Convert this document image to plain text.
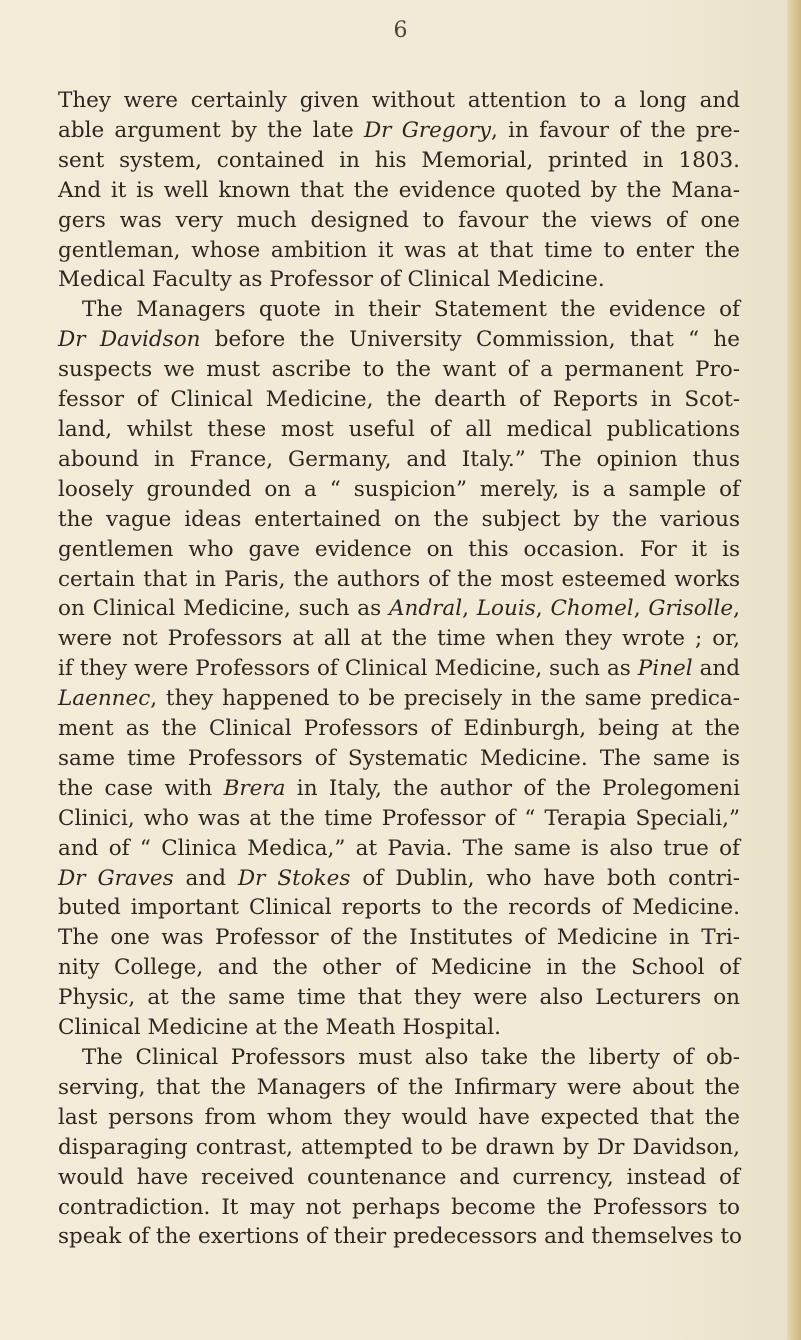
6
They were certainly given without attention to a long and
able argument by the late Dr Gregory, in favour of the pre-
sent system, contained in his Memorial, printed in 1803.
And it is well known that the evidence quoted by the Mana-
gers was very much designed to favour the views of one
gentleman, whose ambition it was at that time to enter the
Medical Faculty as Professor of Clinical Medicine.
The Managers quote in their Statement the evidence of
Dr Davidson before the University Commission, that “ he
suspects we must ascribe to the want of a permanent Pro-
fessor of Clinical Medicine, the dearth of Reports in Scot-
land, whilst these most useful of all medical publications
abound in France, Germany, and Italy.” The opinion thus
loosely grounded on a “ suspicion” merely, is a sample of
the vague ideas entertained on the subject by the various
gentlemen who gave evidence on this occasion. For it is
certain that in Paris, the authors of the most esteemed works
on Clinical Medicine, such as Andral, Louis, Chomel, Grisolle,
were not Professors at all at the time when they wrote ; or,
if they were Professors of Clinical Medicine, such as Pinel and
Laennec, they happened to be precisely in the same predica-
ment as the Clinical Professors of Edinburgh, being at the
same time Professors of Systematic Medicine. The same is
the case with Brera in Italy, the author of the Prolegomeni
Clinici, who was at the time Professor of “ Terapia Speciali,”
and of “ Clinica Medica,” at Pavia. The same is also true of
Dr Graves and Dr Stokes of Dublin, who have both contri-
buted important Clinical reports to the records of Medicine.
The one was Professor of the Institutes of Medicine in Tri-
nity College, and the other of Medicine in the School of
Physic, at the same time that they were also Lecturers on
Clinical Medicine at the Meath Hospital.
The Clinical Professors must also take the liberty of ob-
serving, that the Managers of the Infirmary were about the
last persons from whom they would have expected that the
disparaging contrast, attempted to be drawn by Dr Davidson,
would have received countenance and currency, instead of
contradiction. It may not perhaps become the Professors to
speak of the exertions of their predecessors and themselves to
